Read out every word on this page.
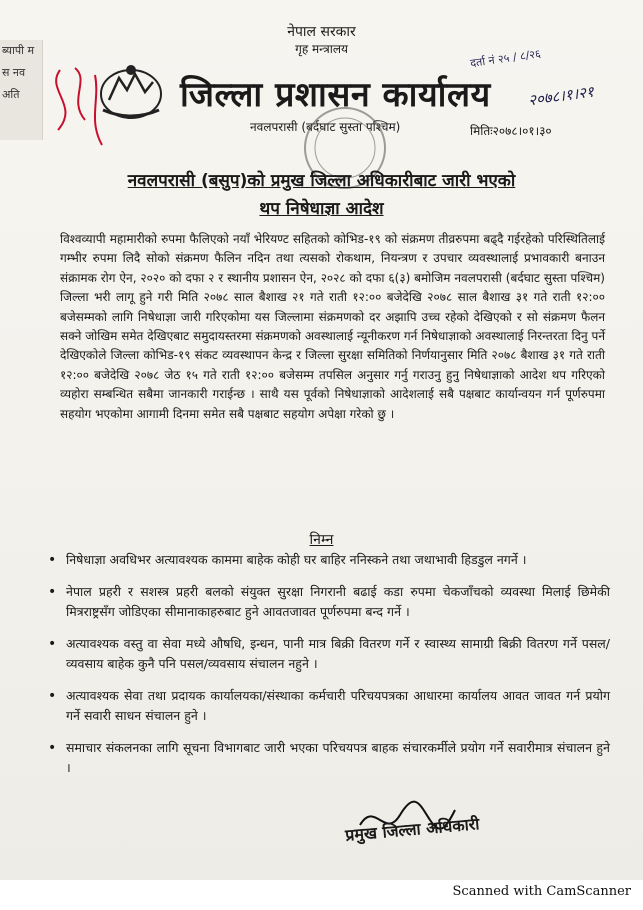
ब्यापी म
स नव
अति
नेपाल सरकार
गृह मन्त्रालय
जिल्ला प्रशासन कार्यालय
नवलपरासी (बर्दघाट सुस्ता पश्चिम)	मितिः२०७८।०१।३०
दर्ता नं २५ / ८/२६
२०७८।१।२१
नवलपरासी (बसुप)को प्रमुख जिल्ला अधिकारीबाट जारी भएको
थप निषेधाज्ञा आदेश

विश्वव्यापी महामारीको रुपमा फैलिएको नयाँ भेरियण्ट सहितको कोभिड-१९ को संक्रमण तीव्ररुपमा बढ्दै गईरहेको परिस्थितिलाई गम्भीर रुपमा लिदै सोको संक्रमण फैलिन नदिन तथा त्यसको रोकथाम, नियन्त्रण र उपचार व्यवस्थालाई प्रभावकारी बनाउन संक्रामक रोग ऐन, २०२० को दफा २ र स्थानीय प्रशासन ऐन, २०२८ को दफा ६(३) बमोजिम नवलपरासी (बर्दघाट सुस्ता पश्चिम) जिल्ला भरी लागू हुने गरी मिति २०७८ साल बैशाख २१ गते राती १२:०० बजेदेखि २०७८ साल बैशाख ३१ गते राती १२:०० बजेसम्मको लागि निषेधाज्ञा जारी गरिएकोमा यस जिल्लामा संक्रमणको दर अझापि उच्च रहेको देखिएको र सो संक्रमण फैलन सक्ने जोखिम समेत देखिएबाट समुदायस्तरमा संक्रमणको अवस्थालाई न्यूनीकरण गर्न निषेधाज्ञाको अवस्थालाई निरन्तरता दिनु पर्ने देखिएकोले जिल्ला कोभिड-१९ संकट व्यवस्थापन केन्द्र र जिल्ला सुरक्षा समितिको निर्णयानुसार मिति २०७८ बैशाख ३१ गते राती १२:०० बजेदेखि २०७८ जेठ १५ गते राती १२:०० बजेसम्म तपसिल अनुसार गर्नु गराउनु हुनु निषेधाज्ञाको आदेश थप गरिएको व्यहोरा सम्बन्धित सबैमा जानकारी गराईन्छ । साथै यस पूर्वको निषेधाज्ञाको आदेशलाई सबै पक्षबाट कार्यान्वयन गर्न पूर्णरुपमा सहयोग भएकोमा आगामी दिनमा समेत सबै पक्षबाट सहयोग अपेक्षा गरेको छु ।

निम्न
• निषेधाज्ञा अवधिभर अत्यावश्यक काममा बाहेक कोही घर बाहिर ननिस्कने तथा जथाभावी हिडडुल नगर्ने ।
• नेपाल प्रहरी र सशस्त्र प्रहरी बलको संयुक्त सुरक्षा निगरानी बढाई कडा रुपमा चेकजाँचको व्यवस्था मिलाई छिमेकी मित्रराष्ट्रसँग जोडिएका सीमानाकाहरुबाट हुने आवतजावत पूर्णरुपमा बन्द गर्ने ।
• अत्यावश्यक वस्तु वा सेवा मध्ये औषधि, इन्धन, पानी मात्र बिक्री वितरण गर्ने र स्वास्थ्य सामाग्री बिक्री वितरण गर्ने पसल/व्यवसाय बाहेक कुनै पनि पसल/व्यवसाय संचालन नहुने ।
• अत्यावश्यक सेवा तथा प्रदायक कार्यालयका/संस्थाका कर्मचारी परिचयपत्रका आधारमा कार्यालय आवत जावत गर्न प्रयोग गर्ने सवारी साधन संचालन हुने ।
• समाचार संकलनका लागि सूचना विभागबाट जारी भएका परिचयपत्र बाहक संचारकर्मीले प्रयोग गर्ने सवारीमात्र संचालन हुने ।
प्रमुख जिल्ला अधिकारी
Scanned with CamScanner
